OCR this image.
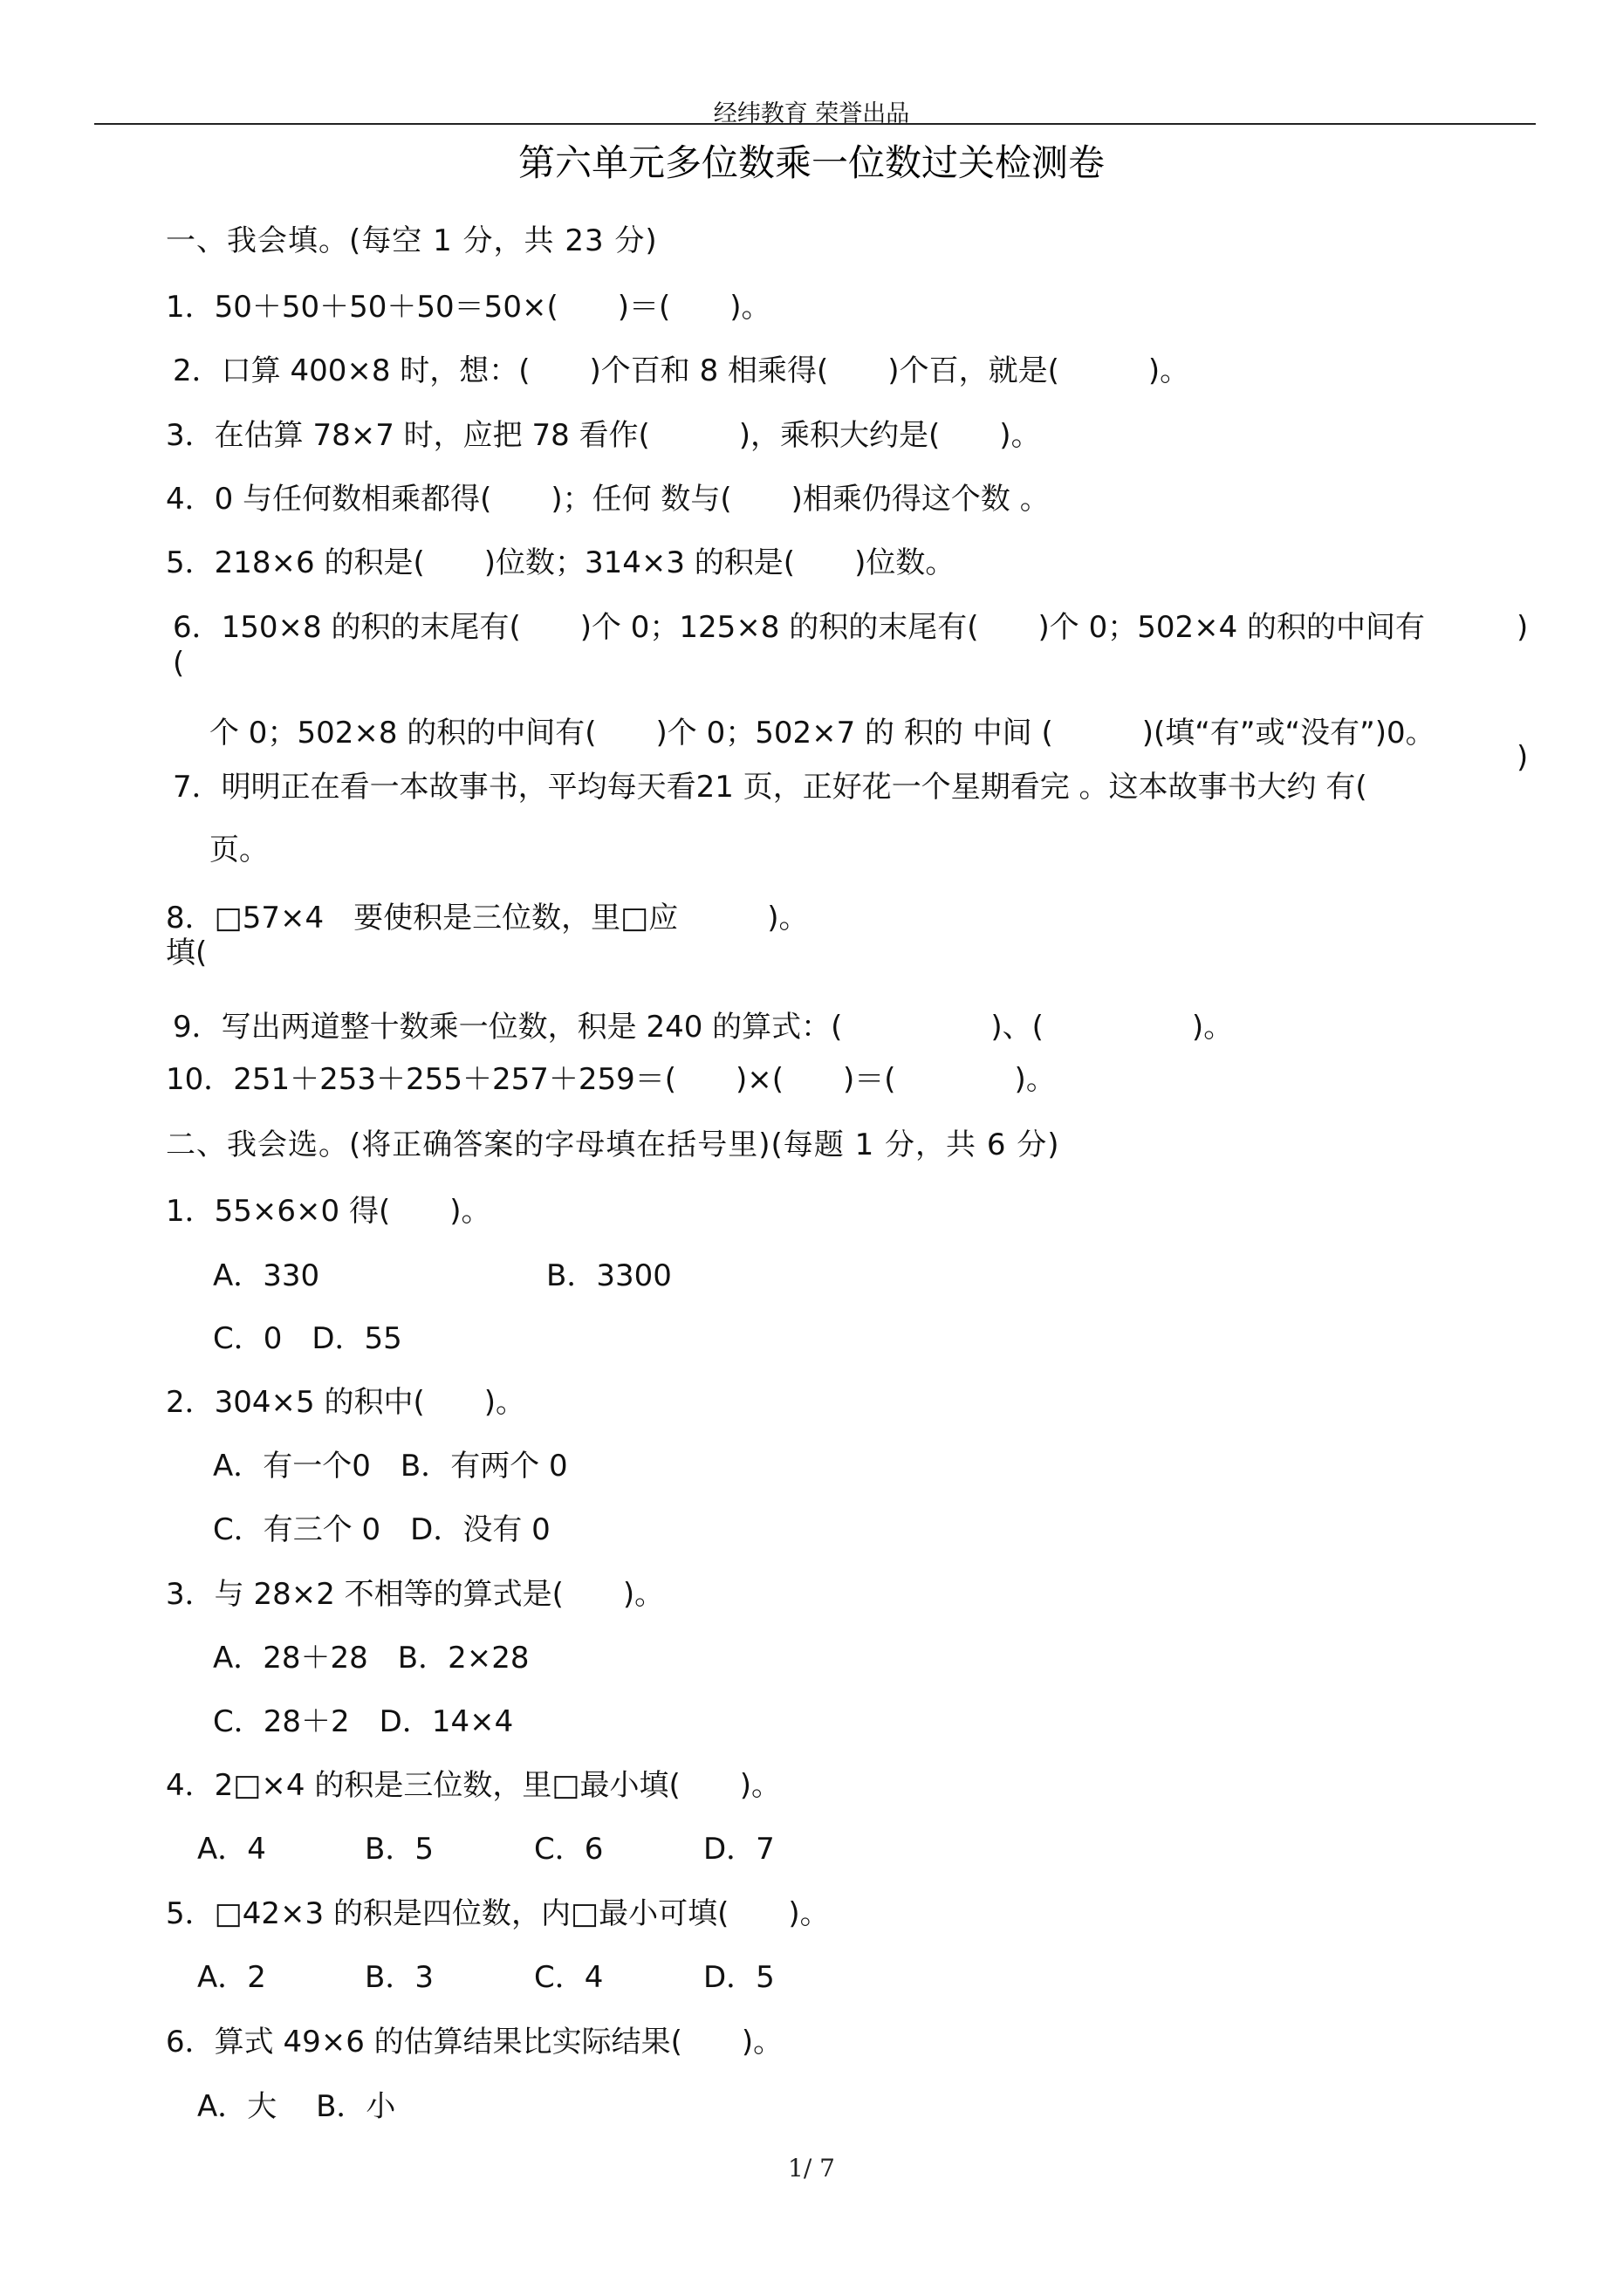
经纬教育 荣誉出品
第六单元多位数乘一位数过关检测卷
一、我会填。(每空 1 分，共 23 分)
1．50＋50＋50＋50＝50×(　　)＝(　　)。
2．口算 400×8 时，想：(　　)个百和 8 相乘得(　　)个百，就是(　　　)。
3．在估算 78×7 时，应把 78 看作(　　　)，乘积大约是(　　)。
4．0 与任何数相乘都得(　　)；任何 数与(　　)相乘仍得这个数 。
5．218×6 的积是(　　)位数；314×3 的积是(　　)位数。
6．150×8 的积的末尾有(　　)个 0；125×8 的积的末尾有(　　)个 0；502×4 的积的中间有	)
(
个 0；502×8 的积的中间有(　　)个 0；502×7 的 积的 中间 (　　　)(填“有”或“没有”)0。
)
7．明明正在看一本故事书，平均每天看21 页，正好花一个星期看完 。这本故事书大约 有(
页。
8．□57×4　要使积是三位数，里□应　　　)。
填(
9．写出两道整十数乘一位数，积是 240 的算式：(　　　　　)、(　　　　　)。
10．251＋253＋255＋257＋259＝(　　)×(　　)＝(　　　　)。
二、我会选。(将正确答案的字母填在括号里)(每题 1 分，共 6 分)
1．55×6×0 得(　　)。
A．330	B．3300
C．0　D．55
2．304×5 的积中(　　)。
A．有一个0　B．有两个 0
C．有三个 0　D．没有 0
3．与 28×2 不相等的算式是(　　)。
A．28＋28　B．2×28
C．28＋2　D．14×4
4．2□×4 的积是三位数，里□最小填(　　)。
A．4	B．5	C．6	D．7
5．□42×3 的积是四位数，内□最小可填(　　)。
A．2	B．3	C．4	D．5
6．算式 49×6 的估算结果比实际结果(　　)。
A．大　 B．小
1/ 7
